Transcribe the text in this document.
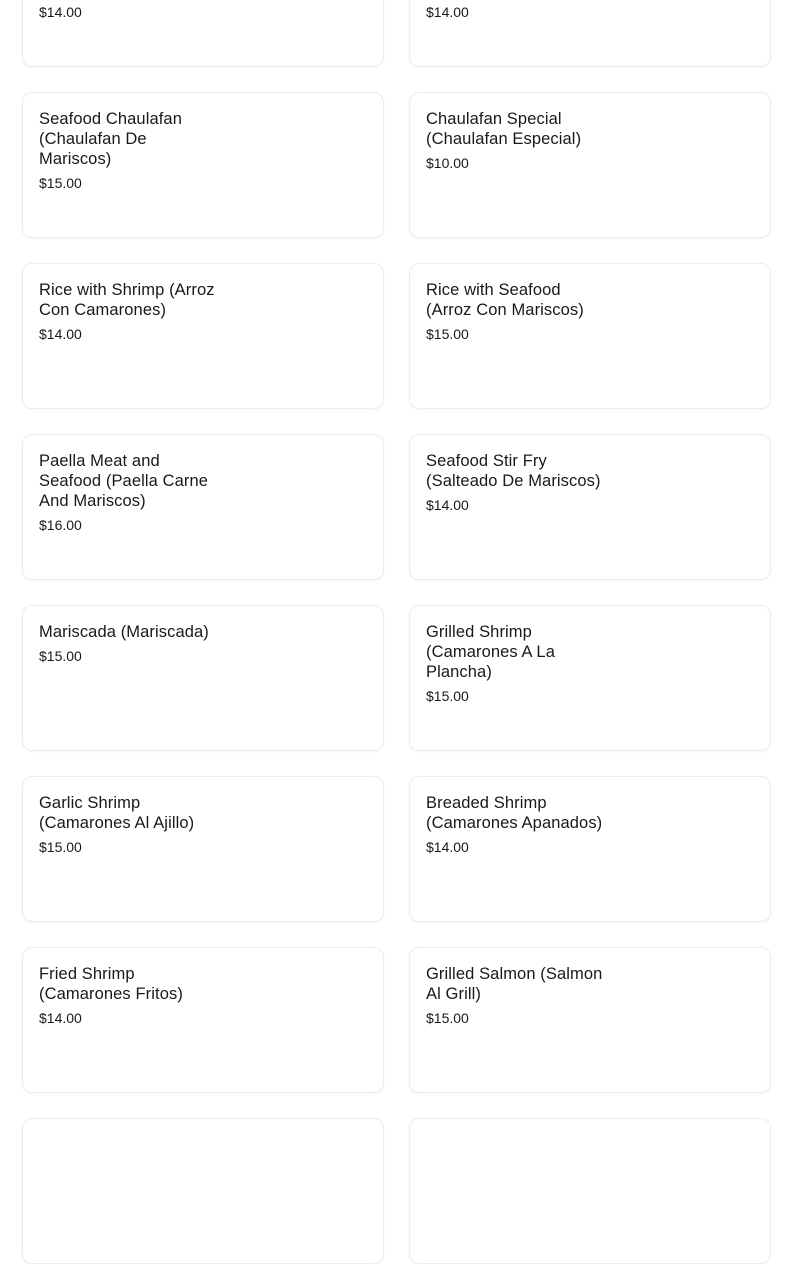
$14.00	$14.00
Seafood Chaulafan (Chaulafan De Mariscos)
$15.00
Chaulafan Special (Chaulafan Especial)
$10.00
Rice with Shrimp (Arroz Con Camarones)
$14.00
Rice with Seafood (Arroz Con Mariscos)
$15.00
Paella Meat and Seafood (Paella Carne And Mariscos)
$16.00
Seafood Stir Fry (Salteado De Mariscos)
$14.00
Mariscada (Mariscada)
$15.00
Grilled Shrimp (Camarones A La Plancha)
$15.00
Garlic Shrimp (Camarones Al Ajillo)
$15.00
Breaded Shrimp (Camarones Apanados)
$14.00
Fried Shrimp (Camarones Fritos)
$14.00
Grilled Salmon (Salmon Al Grill)
$15.00
